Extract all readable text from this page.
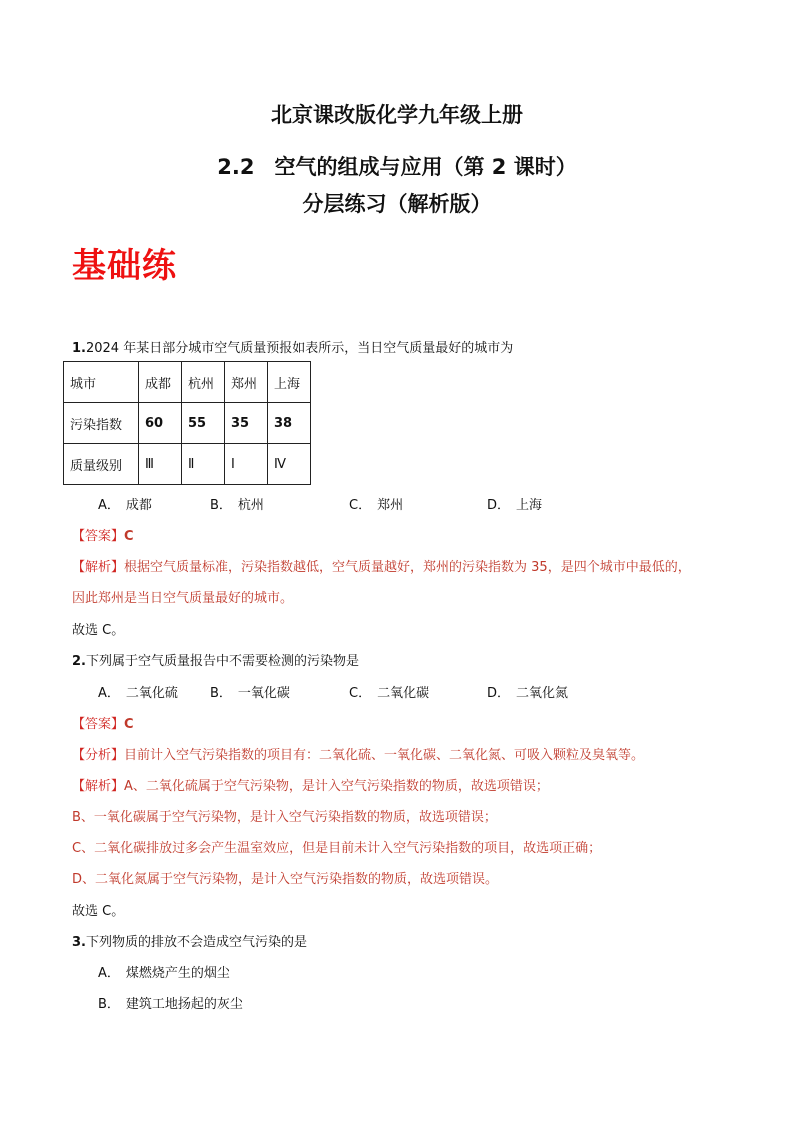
北京课改版化学九年级上册
2.2 空气的组成与应用（第 2 课时）
分层练习（解析版）
基础练
1.2024 年某日部分城市空气质量预报如表所示，当日空气质量最好的城市为
城市	成都	杭州	郑州	上海
污染指数	60	55	35	38
质量级别	Ⅲ	Ⅱ	Ⅰ	Ⅳ
A． 成都	B． 杭州	C． 郑州	D． 上海
【答案】C
【解析】根据空气质量标准，污染指数越低，空气质量越好，郑州的污染指数为 35，是四个城市中最低的，
因此郑州是当日空气质量最好的城市。
故选 C。
2.下列属于空气质量报告中不需要检测的污染物是
A． 二氧化硫 B． 一氧化碳	C． 二氧化碳	D． 二氧化氮
【答案】C
【分析】目前计入空气污染指数的项目有：二氧化硫、一氧化碳、二氧化氮、可吸入颗粒及臭氧等。
【解析】A、二氧化硫属于空气污染物，是计入空气污染指数的物质，故选项错误；
B、一氧化碳属于空气污染物，是计入空气污染指数的物质，故选项错误；
C、二氧化碳排放过多会产生温室效应，但是目前未计入空气污染指数的项目，故选项正确；
D、二氧化氮属于空气污染物，是计入空气污染指数的物质，故选项错误。
故选 C。
3.下列物质的排放不会造成空气污染的是
A． 煤燃烧产生的烟尘
B． 建筑工地扬起的灰尘
